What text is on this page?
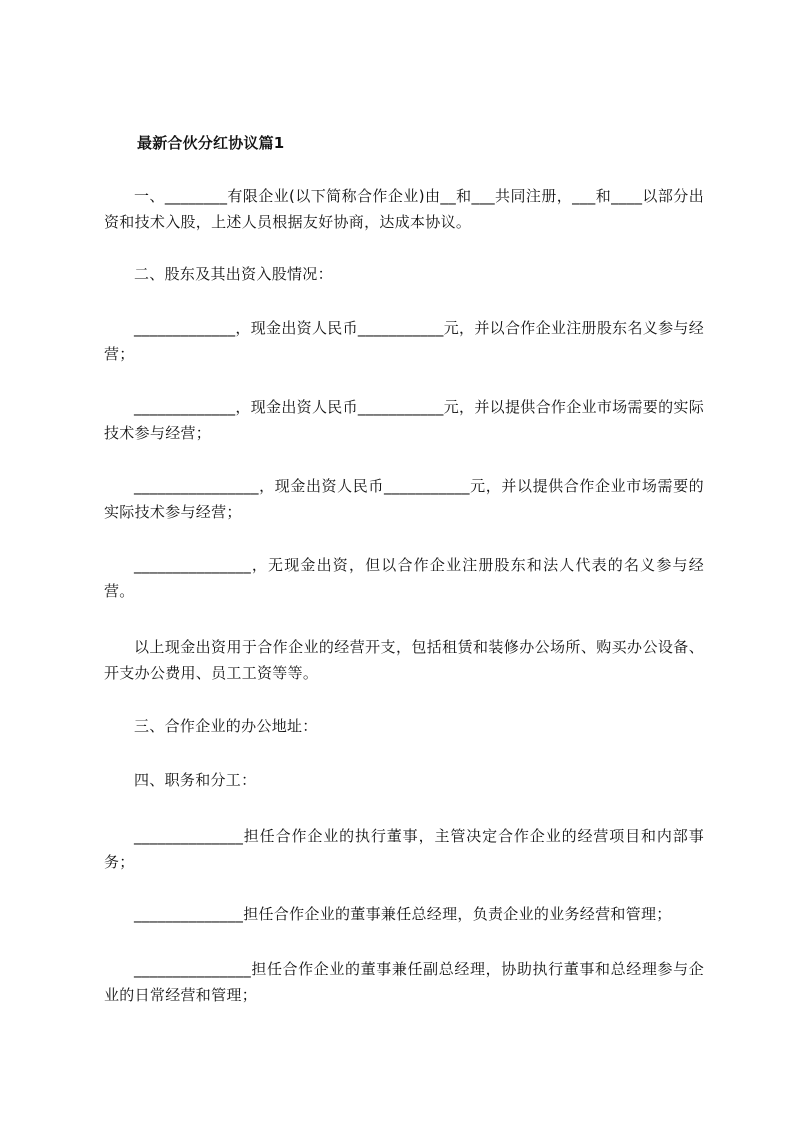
最新合伙分红协议篇1
一、________有限企业(以下简称合作企业)由__和___共同注册，___和____以部分出资和技术入股，上述人员根据友好协商，达成本协议。
二、股东及其出资入股情况：
_____________，现金出资人民币___________元，并以合作企业注册股东名义参与经营；
_____________，现金出资人民币___________元，并以提供合作企业市场需要的实际技术参与经营；
________________，现金出资人民币___________元，并以提供合作企业市场需要的实际技术参与经营；
_______________，无现金出资，但以合作企业注册股东和法人代表的名义参与经营。
以上现金出资用于合作企业的经营开支，包括租赁和装修办公场所、购买办公设备、开支办公费用、员工工资等等。
三、合作企业的办公地址：
四、职务和分工：
______________担任合作企业的执行董事，主管决定合作企业的经营项目和内部事务；
______________担任合作企业的董事兼任总经理，负责企业的业务经营和管理；
_______________担任合作企业的董事兼任副总经理，协助执行董事和总经理参与企业的日常经营和管理；
